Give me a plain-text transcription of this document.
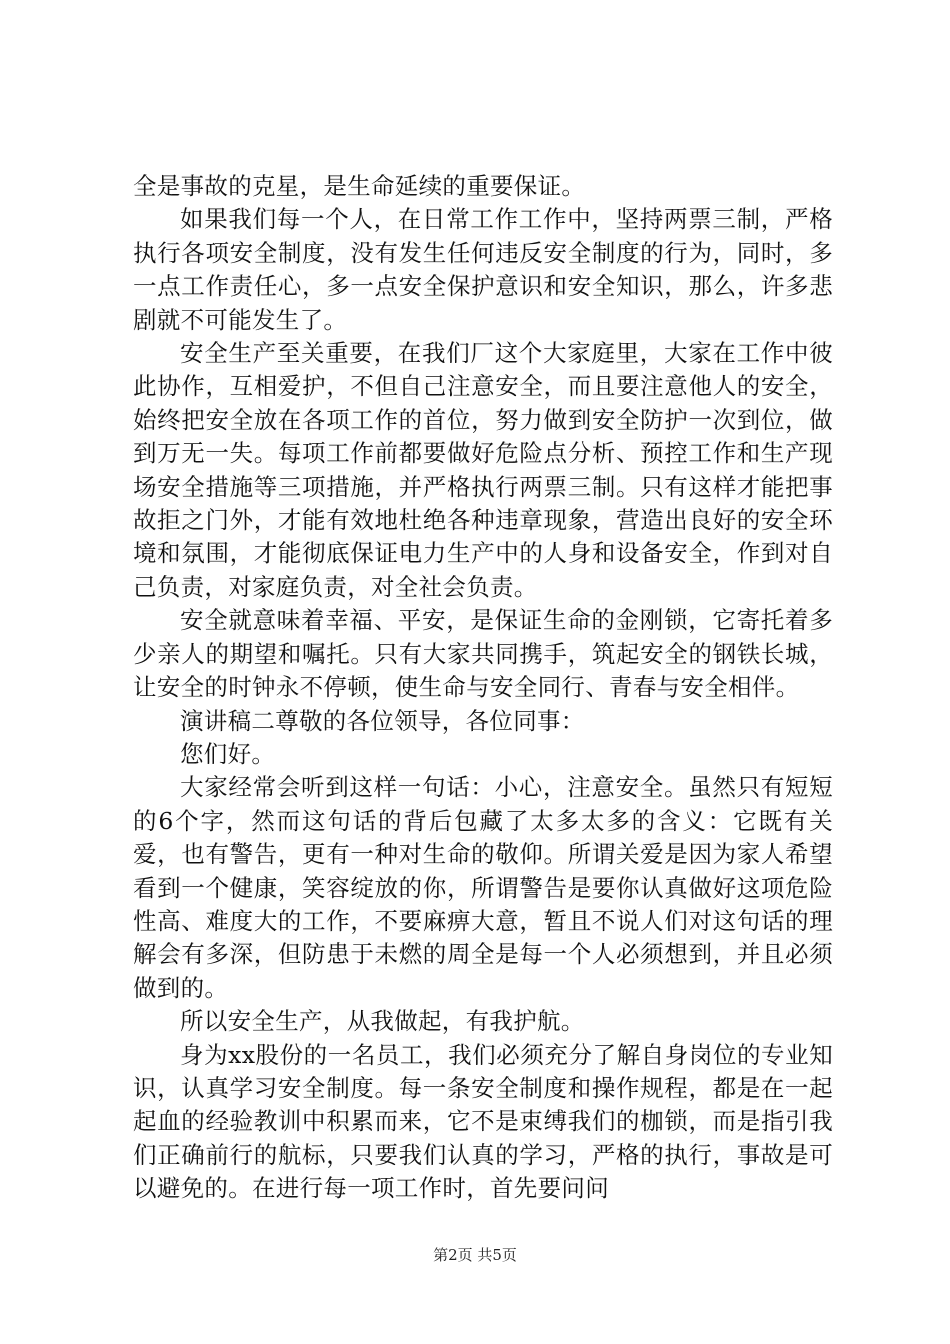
全是事故的克星，是生命延续的重要保证。

如果我们每一个人，在日常工作工作中，坚持两票三制，严格执行各项安全制度，没有发生任何违反安全制度的行为，同时，多一点工作责任心，多一点安全保护意识和安全知识，那么，许多悲剧就不可能发生了。

安全生产至关重要，在我们厂这个大家庭里，大家在工作中彼此协作，互相爱护，不但自己注意安全，而且要注意他人的安全，始终把安全放在各项工作的首位，努力做到安全防护一次到位，做到万无一失。每项工作前都要做好危险点分析、预控工作和生产现场安全措施等三项措施，并严格执行两票三制。只有这样才能把事故拒之门外，才能有效地杜绝各种违章现象，营造出良好的安全环境和氛围，才能彻底保证电力生产中的人身和设备安全，作到对自己负责，对家庭负责，对全社会负责。

安全就意味着幸福、平安，是保证生命的金刚锁，它寄托着多少亲人的期望和嘱托。只有大家共同携手，筑起安全的钢铁长城，让安全的时钟永不停顿，使生命与安全同行、青春与安全相伴。

演讲稿二尊敬的各位领导，各位同事：

您们好。

大家经常会听到这样一句话：小心，注意安全。虽然只有短短的6个字，然而这句话的背后包藏了太多太多的含义：它既有关爱，也有警告，更有一种对生命的敬仰。所谓关爱是因为家人希望看到一个健康，笑容绽放的你，所谓警告是要你认真做好这项危险性高、难度大的工作，不要麻痹大意，暂且不说人们对这句话的理解会有多深，但防患于未燃的周全是每一个人必须想到，并且必须做到的。

所以安全生产，从我做起，有我护航。

身为xx股份的一名员工，我们必须充分了解自身岗位的专业知识，认真学习安全制度。每一条安全制度和操作规程，都是在一起起血的经验教训中积累而来，它不是束缚我们的枷锁，而是指引我们正确前行的航标，只要我们认真的学习，严格的执行，事故是可以避免的。在进行每一项工作时，首先要问问

第2页 共5页
